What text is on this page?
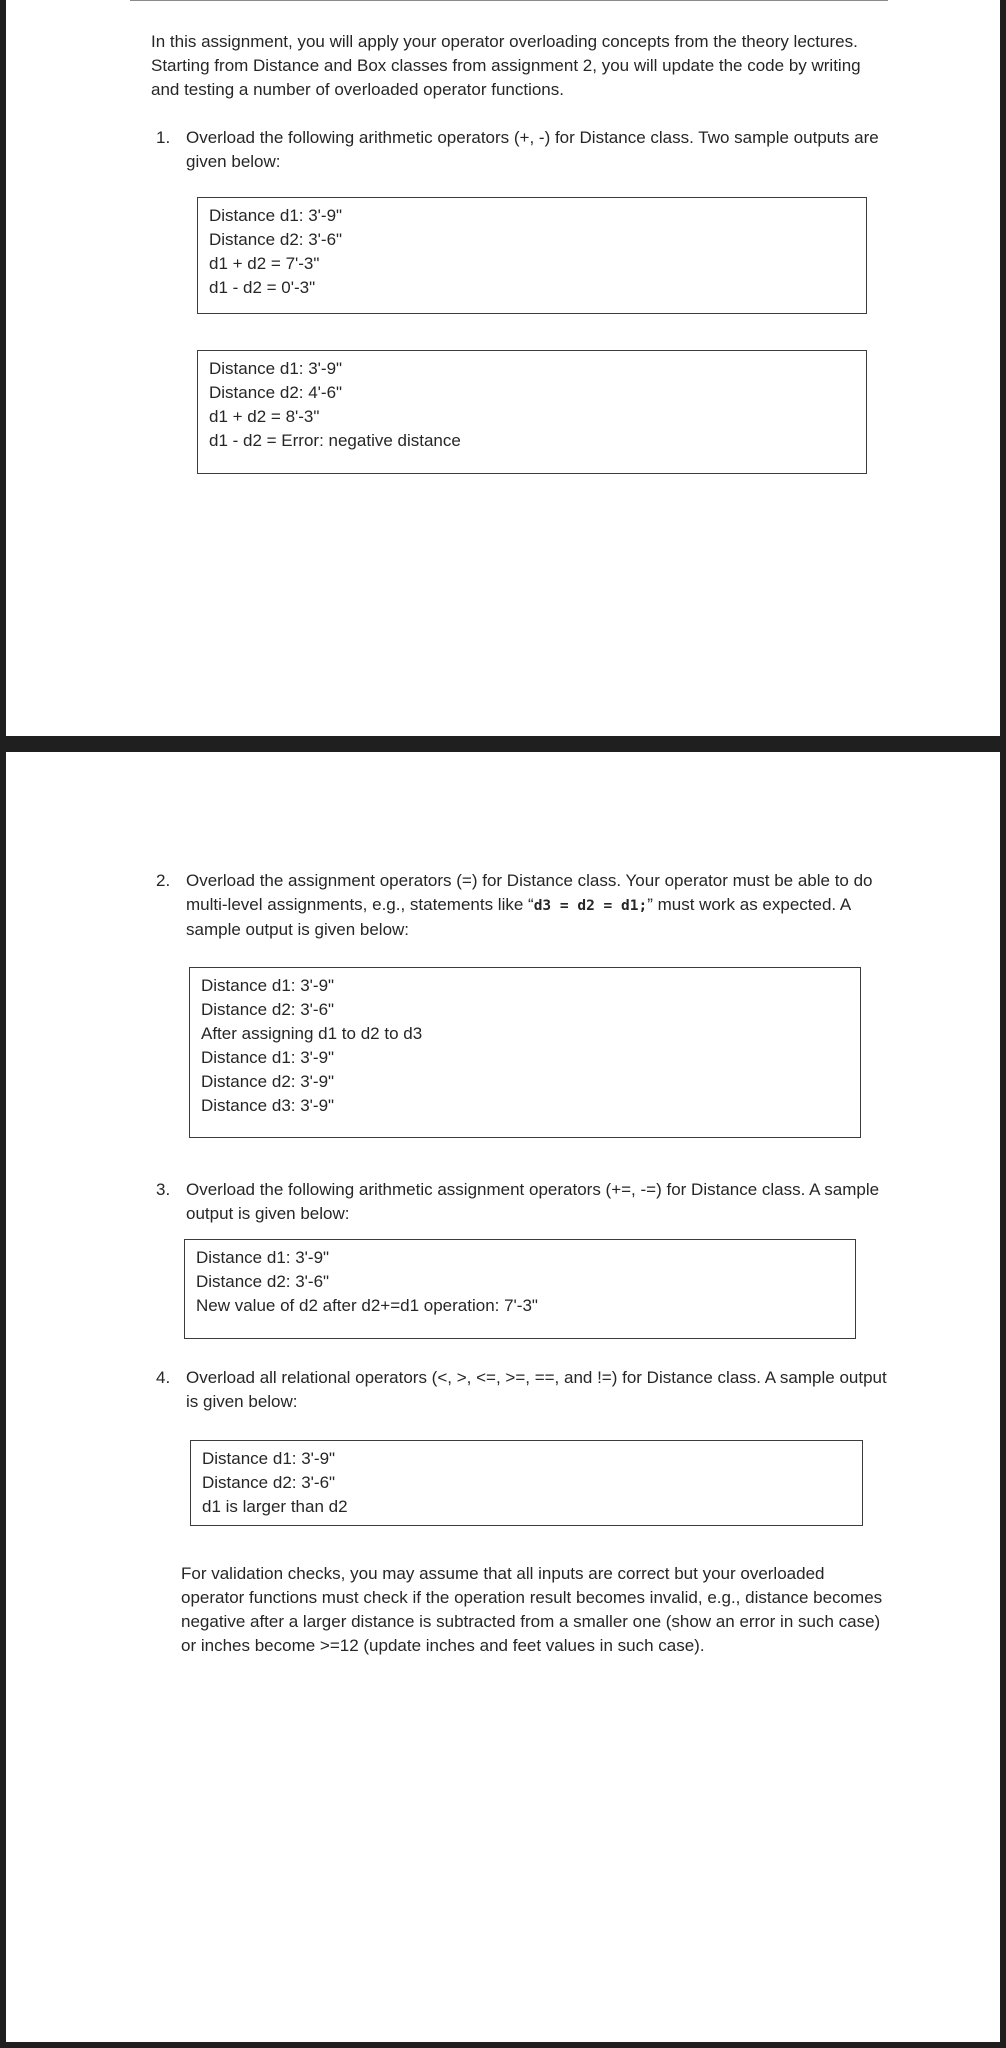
In this assignment, you will apply your operator overloading concepts from the theory lectures. Starting from Distance and Box classes from assignment 2, you will update the code by writing and testing a number of overloaded operator functions.

1. Overload the following arithmetic operators (+, -) for Distance class. Two sample outputs are given below:

Distance d1: 3'-9"
Distance d2: 3'-6"
d1 + d2 = 7'-3"
d1 - d2 = 0'-3"
Distance d1: 3'-9"
Distance d2: 4'-6"
d1 + d2 = 8'-3"
d1 - d2 = Error: negative distance
2. Overload the assignment operators (=) for Distance class. Your operator must be able to do multi-level assignments, e.g., statements like “d3 = d2 = d1;” must work as expected. A sample output is given below:

Distance d1: 3'-9"
Distance d2: 3'-6"
After assigning d1 to d2 to d3
Distance d1: 3'-9"
Distance d2: 3'-9"
Distance d3: 3'-9"
3. Overload the following arithmetic assignment operators (+=, -=) for Distance class. A sample output is given below:

Distance d1: 3'-9"
Distance d2: 3'-6"
New value of d2 after d2+=d1 operation: 7'-3"
4. Overload all relational operators (<, >, <=, >=, ==, and !=) for Distance class. A sample output is given below:

Distance d1: 3'-9"
Distance d2: 3'-6"
d1 is larger than d2

For validation checks, you may assume that all inputs are correct but your overloaded operator functions must check if the operation result becomes invalid, e.g., distance becomes negative after a larger distance is subtracted from a smaller one (show an error in such case) or inches become >=12 (update inches and feet values in such case).
